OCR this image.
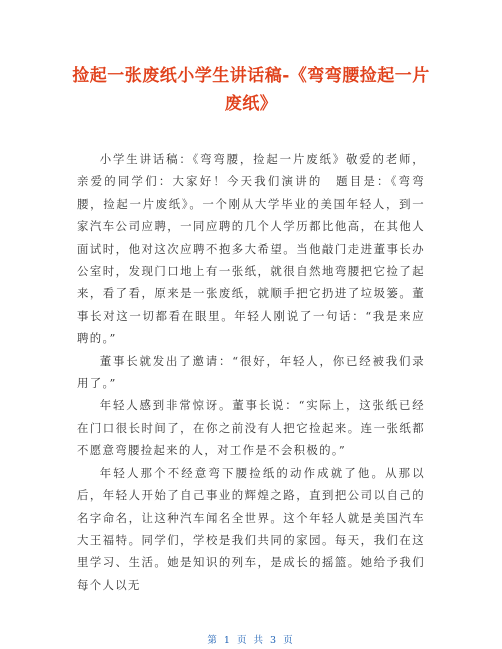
捡起一张废纸小学生讲话稿-《弯弯腰捡起一片
废纸》

小学生讲话稿：《弯弯腰，捡起一片废纸》敬爱的老师，亲爱的同学们：大家好！今天我们演讲的　题目是：《弯弯腰，捡起一片废纸》。一个刚从大学毕业的美国年轻人，到一家汽车公司应聘，一同应聘的几个人学历都比他高，在其他人面试时，他对这次应聘不抱多大希望。当他敲门走进董事长办公室时，发现门口地上有一张纸，就很自然地弯腰把它捡了起来，看了看，原来是一张废纸，就顺手把它扔进了垃圾篓。董事长对这一切都看在眼里。年轻人刚说了一句话：“我是来应聘的。”

董事长就发出了邀请：“很好，年轻人，你已经被我们录用了。”

年轻人感到非常惊讶。董事长说：“实际上，这张纸已经在门口很长时间了，在你之前没有人把它捡起来。连一张纸都不愿意弯腰捡起来的人，对工作是不会积极的。”

年轻人那个不经意弯下腰捡纸的动作成就了他。从那以后，年轻人开始了自己事业的辉煌之路，直到把公司以自己的名字命名，让这种汽车闻名全世界。这个年轻人就是美国汽车大王福特。同学们，学校是我们共同的家园。每天，我们在这里学习、生活。她是知识的列车，是成长的摇篮。她给予我们每个人以无

第 1 页 共 3 页
